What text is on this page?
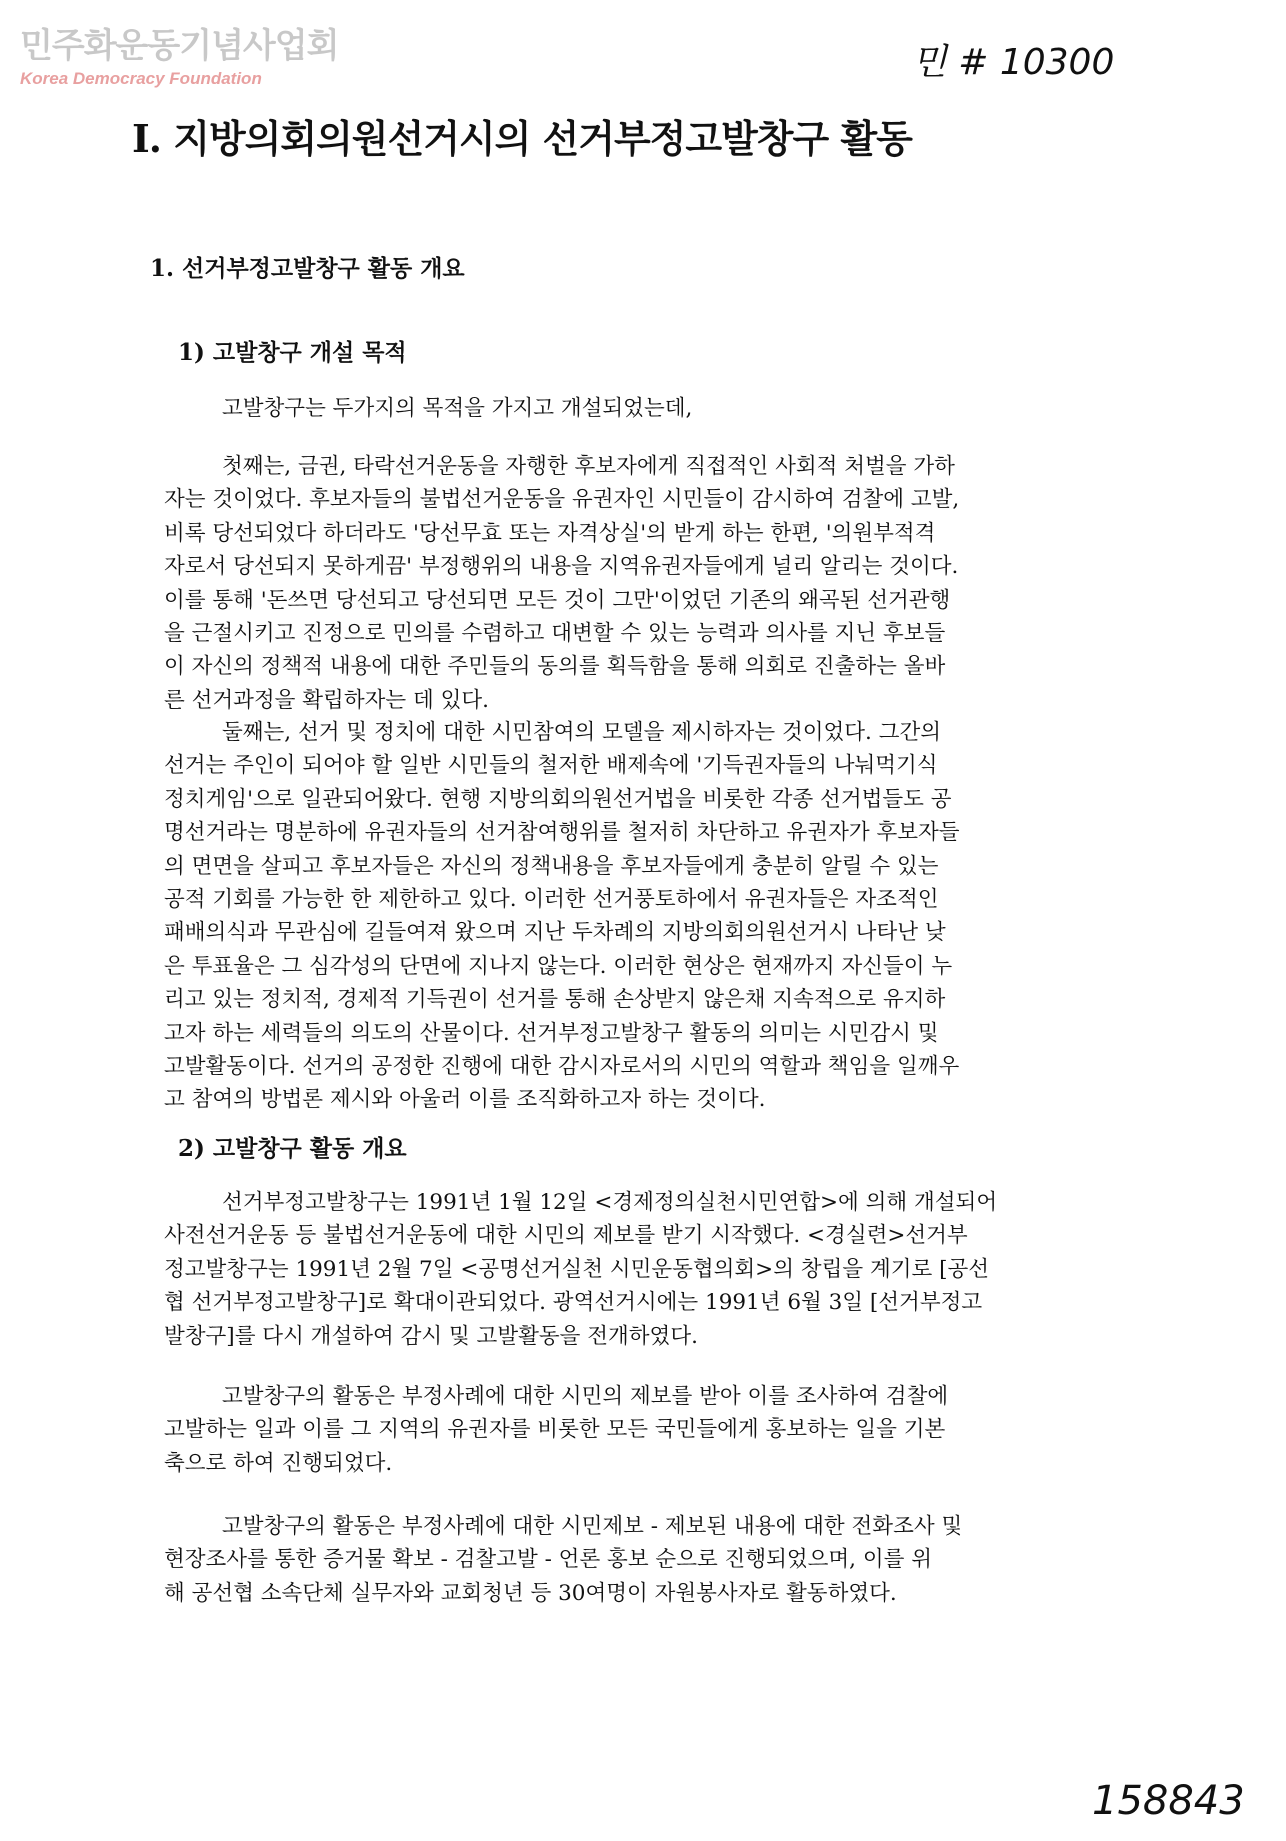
민주화운동기념사업회
Korea Democracy Foundation	민 # 10300
I. 지방의회의원선거시의 선거부정고발창구 활동
1. 선거부정고발창구 활동 개요
1) 고발창구 개설 목적
고발창구는 두가지의 목적을 가지고 개설되었는데,
첫째는, 금권, 타락선거운동을 자행한 후보자에게 직접적인 사회적 처벌을 가하
자는 것이었다. 후보자들의 불법선거운동을 유권자인 시민들이 감시하여 검찰에 고발,
비록 당선되었다 하더라도 '당선무효 또는 자격상실'의 받게 하는 한편, '의원부적격
자로서 당선되지 못하게끔' 부정행위의 내용을 지역유권자들에게 널리 알리는 것이다.
이를 통해 '돈쓰면 당선되고 당선되면 모든 것이 그만'이었던 기존의 왜곡된 선거관행
을 근절시키고 진정으로 민의를 수렴하고 대변할 수 있는 능력과 의사를 지닌 후보들
이 자신의 정책적 내용에 대한 주민들의 동의를 획득함을 통해 의회로 진출하는 올바
른 선거과정을 확립하자는 데 있다.
둘째는, 선거 및 정치에 대한 시민참여의 모델을 제시하자는 것이었다. 그간의
선거는 주인이 되어야 할 일반 시민들의 철저한 배제속에 '기득권자들의 나눠먹기식
정치게임'으로 일관되어왔다. 현행 지방의회의원선거법을 비롯한 각종 선거법들도 공
명선거라는 명분하에 유권자들의 선거참여행위를 철저히 차단하고 유권자가 후보자들
의 면면을 살피고 후보자들은 자신의 정책내용을 후보자들에게 충분히 알릴 수 있는
공적 기회를 가능한 한 제한하고 있다. 이러한 선거풍토하에서 유권자들은 자조적인
패배의식과 무관심에 길들여져 왔으며 지난 두차례의 지방의회의원선거시 나타난 낮
은 투표율은 그 심각성의 단면에 지나지 않는다. 이러한 현상은 현재까지 자신들이 누
리고 있는 정치적, 경제적 기득권이 선거를 통해 손상받지 않은채 지속적으로 유지하
고자 하는 세력들의 의도의 산물이다. 선거부정고발창구 활동의 의미는 시민감시 및
고발활동이다. 선거의 공정한 진행에 대한 감시자로서의 시민의 역할과 책임을 일깨우
고 참여의 방법론 제시와 아울러 이를 조직화하고자 하는 것이다.
2) 고발창구 활동 개요
선거부정고발창구는 1991년 1월 12일 <경제정의실천시민연합>에 의해 개설되어
사전선거운동 등 불법선거운동에 대한 시민의 제보를 받기 시작했다. <경실련>선거부
정고발창구는 1991년 2월 7일 <공명선거실천 시민운동협의회>의 창립을 계기로 [공선
협 선거부정고발창구]로 확대이관되었다. 광역선거시에는 1991년 6월 3일 [선거부정고
발창구]를 다시 개설하여 감시 및 고발활동을 전개하였다.
고발창구의 활동은 부정사례에 대한 시민의 제보를 받아 이를 조사하여 검찰에
고발하는 일과 이를 그 지역의 유권자를 비롯한 모든 국민들에게 홍보하는 일을 기본
축으로 하여 진행되었다.
고발창구의 활동은 부정사례에 대한 시민제보 - 제보된 내용에 대한 전화조사 및
현장조사를 통한 증거물 확보 - 검찰고발 - 언론 홍보 순으로 진행되었으며, 이를 위
해 공선협 소속단체 실무자와 교회청년 등 30여명이 자원봉사자로 활동하였다.
158843
